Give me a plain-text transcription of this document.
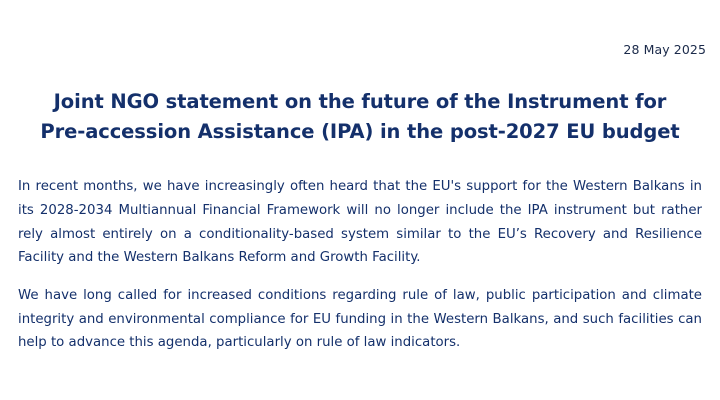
28 May 2025
Joint NGO statement on the future of the Instrument for
Pre-accession Assistance (IPA) in the post-2027 EU budget

In recent months, we have increasingly often heard that the EU's support for the Western Balkans in its 2028-2034 Multiannual Financial Framework will no longer include the IPA instrument but rather rely almost entirely on a conditionality-based system similar to the EU’s Recovery and Resilience Facility and the Western Balkans Reform and Growth Facility.

We have long called for increased conditions regarding rule of law, public participation and climate integrity and environmental compliance for EU funding in the Western Balkans, and such facilities can help to advance this agenda, particularly on rule of law indicators.
